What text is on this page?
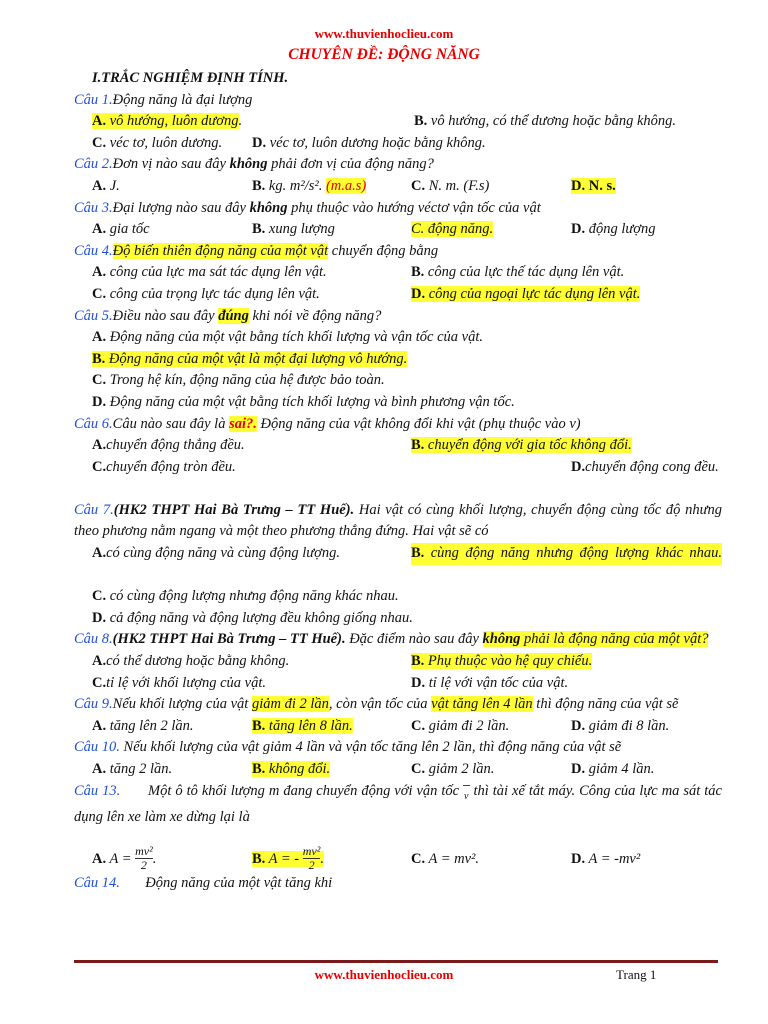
www.thuvienhoclieu.com
CHUYÊN ĐỀ: ĐỘNG NĂNG
I.TRẮC NGHIỆM ĐỊNH TÍNH.
Câu 1.Động năng là đại lượng
A. vô hướng, luôn dương.	B. vô hướng, có thể dương hoặc bằng không.
C. véc tơ, luôn dương. D. véc tơ, luôn dương hoặc bằng không.
Câu 2.Đơn vị nào sau đây không phải đơn vị của động năng?
A. J.	B. kg. m²/s². (m.a.s)	C. N. m. (F.s)	D. N. s.
Câu 3.Đại lượng nào sau đây không phụ thuộc vào hướng véctơ vận tốc của vật
A. gia tốc	B. xung lượng	C. động năng.	D. động lượng
Câu 4.Độ biến thiên động năng của một vật chuyển động bằng
A. công của lực ma sát tác dụng lên vật.	B. công của lực thế tác dụng lên vật.
C. công của trọng lực tác dụng lên vật.	D. công của ngoại lực tác dụng lên vật.
Câu 5.Điều nào sau đây đúng khi nói về động năng?
A. Động năng của một vật bằng tích khối lượng và vận tốc của vật.
B. Động năng của một vật là một đại lượng vô hướng.
C. Trong hệ kín, động năng của hệ được bảo toàn.
D. Động năng của một vật bằng tích khối lượng và bình phương vận tốc.
Câu 6.Câu nào sau đây là sai?. Động năng của vật không đổi khi vật (phụ thuộc vào v)
A.chuyển động thẳng đều.	B. chuyển động với gia tốc không đổi.
C.chuyển động tròn đều.	D.chuyển động cong đều.
Câu 7.(HK2 THPT Hai Bà Trưng – TT Huế). Hai vật có cùng khối lượng, chuyển động cùng tốc độ nhưng theo phương nằm ngang và một theo phương thẳng đứng. Hai vật sẽ có
A.có cùng động năng và cùng động lượng.	B. cùng động năng nhưng động lượng khác nhau.
C. có cùng động lượng nhưng động năng khác nhau.
D. cả động năng và động lượng đều không giống nhau.
Câu 8.(HK2 THPT Hai Bà Trưng – TT Huế). Đặc điểm nào sau đây không phải là động năng của một vật?
A.có thể dương hoặc bằng không.	B. Phụ thuộc vào hệ quy chiếu.
C.tỉ lệ với khối lượng của vật.	D. tỉ lệ với vận tốc của vật.
Câu 9.Nếu khối lượng của vật giảm đi 2 lần, còn vận tốc của vật tăng lên 4 lần thì động năng của vật sẽ
A. tăng lên 2 lần.	B. tăng lên 8 lần.	C. giảm đi 2 lần.	D. giảm đi 8 lần.
Câu 10. Nếu khối lượng của vật giảm 4 lần và vận tốc tăng lên 2 lần, thì động năng của vật sẽ
A. tăng 2 lần.	B. không đổi.	C. giảm 2 lần.	D. giảm 4 lần.
Câu 13. Một ô tô khối lượng m đang chuyển động với vận tốc v thì tài xế tắt máy. Công của lực ma sát tác dụng lên xe làm xe dừng lại là
A. $A = \frac{\text{mv²}}{2}$ .	B. A = - $\frac{\text{mv²}}{2}$ .	C. A = mv².	D. A = -mv²
Câu 14. Động năng của một vật tăng khi
www.thuvienhoclieu.com	Trang 1
